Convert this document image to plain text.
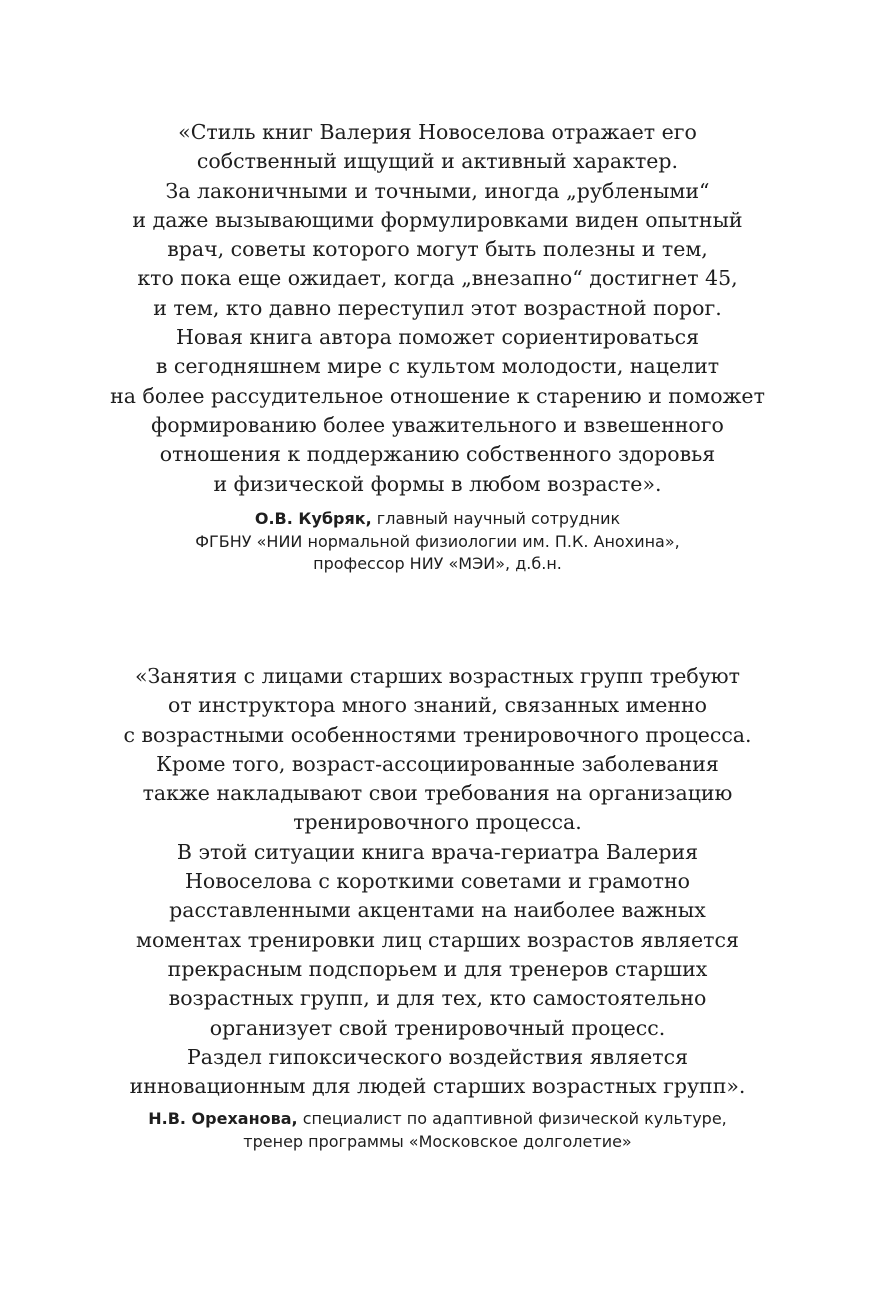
«Стиль книг Валерия Новоселова отражает его
собственный ищущий и активный характер.
За лаконичными и точными, иногда „рублеными“
и даже вызывающими формулировками виден опытный
врач, советы которого могут быть полезны и тем,
кто пока еще ожидает, когда „внезапно“ достигнет 45,
и тем, кто давно переступил этот возрастной порог.
Новая книга автора поможет сориентироваться
в сегодняшнем мире с культом молодости, нацелит
на более рассудительное отношение к старению и поможет
формированию более уважительного и взвешенного
отношения к поддержанию собственного здоровья
и физической формы в любом возрасте».

О.В. Кубряк, главный научный сотрудник
ФГБНУ «НИИ нормальной физиологии им. П.К. Анохина»,
профессор НИУ «МЭИ», д.б.н.

«Занятия с лицами старших возрастных групп требуют
от инструктора много знаний, связанных именно
с возрастными особенностями тренировочного процесса.
Кроме того, возраст-ассоциированные заболевания
также накладывают свои требования на организацию
тренировочного процесса.
В этой ситуации книга врача-гериатра Валерия
Новоселова с короткими советами и грамотно
расставленными акцентами на наиболее важных
моментах тренировки лиц старших возрастов является
прекрасным подспорьем и для тренеров старших
возрастных групп, и для тех, кто самостоятельно
организует свой тренировочный процесс.
Раздел гипоксического воздействия является
инновационным для людей старших возрастных групп».

Н.В. Ореханова, специалист по адаптивной физической культуре,
тренер программы «Московское долголетие»
